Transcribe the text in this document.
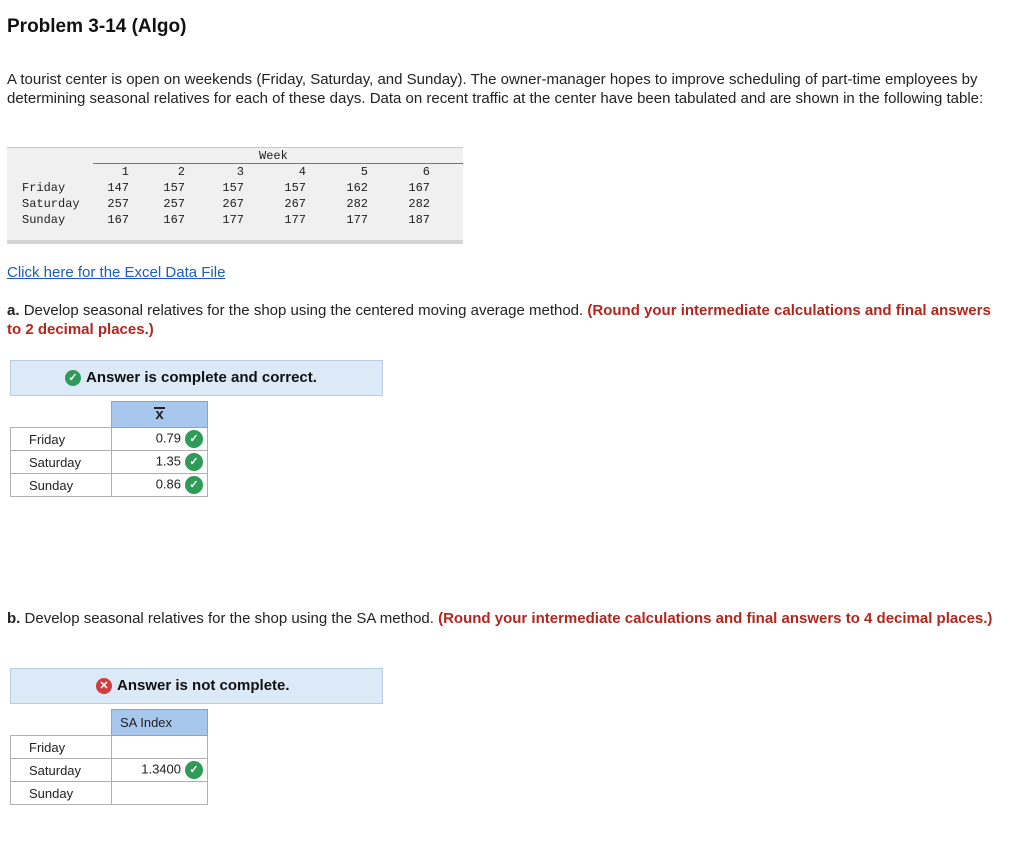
Problem 3-14 (Algo)
A tourist center is open on weekends (Friday, Saturday, and Sunday). The owner-manager hopes to improve scheduling of part-time employees by determining seasonal relatives for each of these days. Data on recent traffic at the center have been tabulated and are shown in the following table:
Week
1	2	3	4	5	6
Friday	147	157	157	157	162	167
Saturday	257	257	267	267	282	282
Sunday	167	167	177	177	177	187
Click here for the Excel Data File
a. Develop seasonal relatives for the shop using the centered moving average method. (Round your intermediate calculations and final answers to 2 decimal places.)
✓ Answer is complete and correct.
	x
Friday	0.79 ✓
Saturday	1.35 ✓
Sunday	0.86 ✓
b. Develop seasonal relatives for the shop using the SA method. (Round your intermediate calculations and final answers to 4 decimal places.)
✕ Answer is not complete.
	SA Index
Friday	
Saturday	1.3400 ✓
Sunday	
